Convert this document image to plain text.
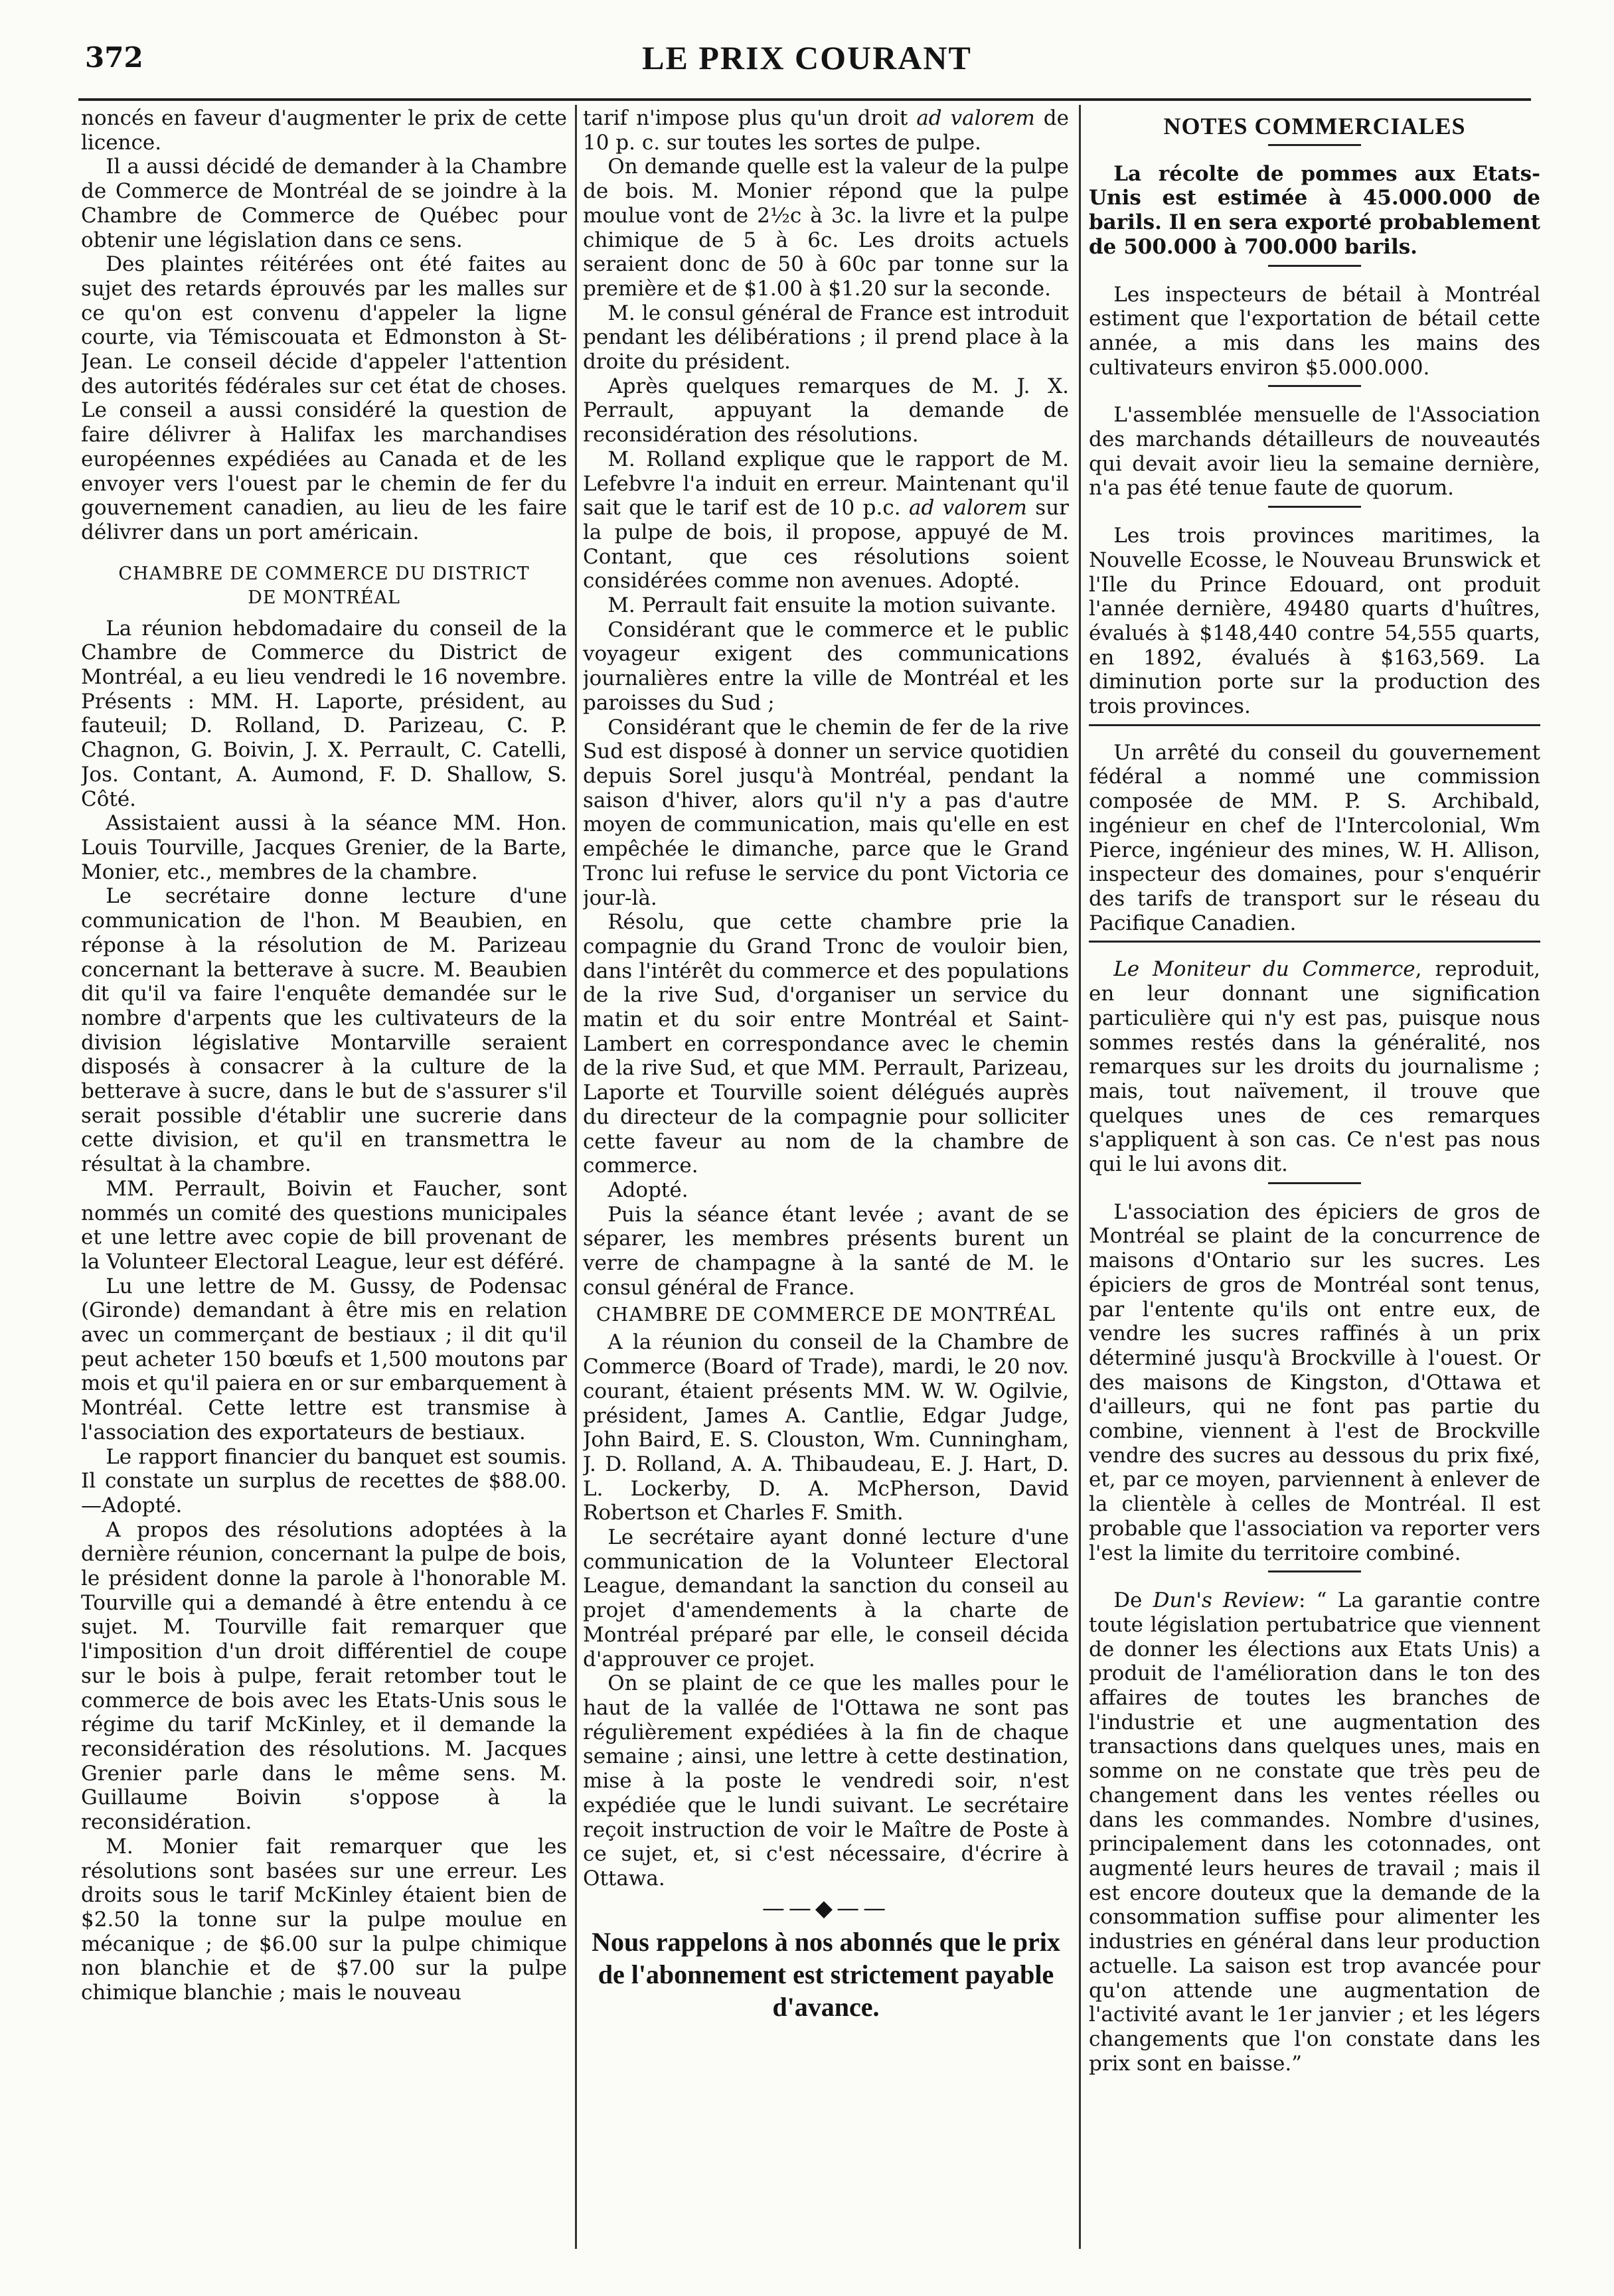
372	LE PRIX COURANT

noncés en faveur d'augmenter le prix de cette licence.

Il a aussi décidé de demander à la Chambre de Commerce de Montréal de se joindre à la Chambre de Commerce de Québec pour obtenir une législation dans ce sens.

Des plaintes réitérées ont été faites au sujet des retards éprouvés par les malles sur ce qu'on est convenu d'appeler la ligne courte, via Témiscouata et Edmonston à St-Jean. Le conseil décide d'appeler l'attention des autorités fédérales sur cet état de choses. Le conseil a aussi considéré la question de faire délivrer à Halifax les marchandises européennes expédiées au Canada et de les envoyer vers l'ouest par le chemin de fer du gouvernement canadien, au lieu de les faire délivrer dans un port américain.

CHAMBRE DE COMMERCE DU DISTRICT
DE MONTRÉAL

La réunion hebdomadaire du conseil de la Chambre de Commerce du District de Montréal, a eu lieu vendredi le 16 novembre. Présents : MM. H. Laporte, président, au fauteuil; D. Rolland, D. Parizeau, C. P. Chagnon, G. Boivin, J. X. Perrault, C. Catelli, Jos. Contant, A. Aumond, F. D. Shallow, S. Côté.

Assistaient aussi à la séance MM. Hon. Louis Tourville, Jacques Grenier, de la Barte, Monier, etc., membres de la chambre.

Le secrétaire donne lecture d'une communication de l'hon. M Beaubien, en réponse à la résolution de M. Parizeau concernant la betterave à sucre. M. Beaubien dit qu'il va faire l'enquête demandée sur le nombre d'arpents que les cultivateurs de la division législative Montarville seraient disposés à consacrer à la culture de la betterave à sucre, dans le but de s'assurer s'il serait possible d'établir une sucrerie dans cette division, et qu'il en transmettra le résultat à la chambre.

MM. Perrault, Boivin et Faucher, sont nommés un comité des questions municipales et une lettre avec copie de bill provenant de la Volunteer Electoral League, leur est déféré.

Lu une lettre de M. Gussy, de Podensac (Gironde) demandant à être mis en relation avec un commerçant de bestiaux ; il dit qu'il peut acheter 150 bœufs et 1,500 moutons par mois et qu'il paiera en or sur embarquement à Montréal. Cette lettre est transmise à l'association des exportateurs de bestiaux.

Le rapport financier du banquet est soumis. Il constate un surplus de recettes de $88.00.—Adopté.

A propos des résolutions adoptées à la dernière réunion, concernant la pulpe de bois, le président donne la parole à l'honorable M. Tourville qui a demandé à être entendu à ce sujet. M. Tourville fait remarquer que l'imposition d'un droit différentiel de coupe sur le bois à pulpe, ferait retomber tout le commerce de bois avec les Etats-Unis sous le régime du tarif McKinley, et il demande la reconsidération des résolutions. M. Jacques Grenier parle dans le même sens. M. Guillaume Boivin s'oppose à la reconsidération.

M. Monier fait remarquer que les résolutions sont basées sur une erreur. Les droits sous le tarif McKinley étaient bien de $2.50 la tonne sur la pulpe moulue en mécanique ; de $6.00 sur la pulpe chimique non blanchie et de $7.00 sur la pulpe chimique blanchie ; mais le nouveau

tarif n'impose plus qu'un droit ad valorem de 10 p. c. sur toutes les sortes de pulpe.

On demande quelle est la valeur de la pulpe de bois. M. Monier répond que la pulpe moulue vont de 2½c à 3c. la livre et la pulpe chimique de 5 à 6c. Les droits actuels seraient donc de 50 à 60c par tonne sur la première et de $1.00 à $1.20 sur la seconde.

M. le consul général de France est introduit pendant les délibérations ; il prend place à la droite du président.

Après quelques remarques de M. J. X. Perrault, appuyant la demande de reconsidération des résolutions.

M. Rolland explique que le rapport de M. Lefebvre l'a induit en erreur. Maintenant qu'il sait que le tarif est de 10 p.c. ad valorem sur la pulpe de bois, il propose, appuyé de M. Contant, que ces résolutions soient considérées comme non avenues. Adopté.

M. Perrault fait ensuite la motion suivante.

Considérant que le commerce et le public voyageur exigent des communications journalières entre la ville de Montréal et les paroisses du Sud ;

Considérant que le chemin de fer de la rive Sud est disposé à donner un service quotidien depuis Sorel jusqu'à Montréal, pendant la saison d'hiver, alors qu'il n'y a pas d'autre moyen de communication, mais qu'elle en est empêchée le dimanche, parce que le Grand Tronc lui refuse le service du pont Victoria ce jour-là.

Résolu, que cette chambre prie la compagnie du Grand Tronc de vouloir bien, dans l'intérêt du commerce et des populations de la rive Sud, d'organiser un service du matin et du soir entre Montréal et Saint-Lambert en correspondance avec le chemin de la rive Sud, et que MM. Perrault, Parizeau, Laporte et Tourville soient délégués auprès du directeur de la compagnie pour solliciter cette faveur au nom de la chambre de commerce.

Adopté.

Puis la séance étant levée ; avant de se séparer, les membres présents burent un verre de champagne à la santé de M. le consul général de France.

CHAMBRE DE COMMERCE DE MONTRÉAL

A la réunion du conseil de la Chambre de Commerce (Board of Trade), mardi, le 20 nov. courant, étaient présents MM. W. W. Ogilvie, président, James A. Cantlie, Edgar Judge, John Baird, E. S. Clouston, Wm. Cunningham, J. D. Rolland, A. A. Thibaudeau, E. J. Hart, D. L. Lockerby, D. A. McPherson, David Robertson et Charles F. Smith.

Le secrétaire ayant donné lecture d'une communication de la Volunteer Electoral League, demandant la sanction du conseil au projet d'amendements à la charte de Montréal préparé par elle, le conseil décida d'approuver ce projet.

On se plaint de ce que les malles pour le haut de la vallée de l'Ottawa ne sont pas régulièrement expédiées à la fin de chaque semaine ; ainsi, une lettre à cette destination, mise à la poste le vendredi soir, n'est expédiée que le lundi suivant. Le secrétaire reçoit instruction de voir le Maître de Poste à ce sujet, et, si c'est nécessaire, d'écrire à Ottawa.

——◆——
Nous rappelons à nos abonnés que le prix de l'abonnement est strictement payable d'avance.
NOTES COMMERCIALES

La récolte de pommes aux Etats-Unis est estimée à 45.000.000 de barils. Il en sera exporté probablement de 500.000 à 700.000 barils.

Les inspecteurs de bétail à Montréal estiment que l'exportation de bétail cette année, a mis dans les mains des cultivateurs environ $5.000.000.

L'assemblée mensuelle de l'Association des marchands détailleurs de nouveautés qui devait avoir lieu la semaine dernière, n'a pas été tenue faute de quorum.

Les trois provinces maritimes, la Nouvelle Ecosse, le Nouveau Brunswick et l'Ile du Prince Edouard, ont produit l'année dernière, 49480 quarts d'huîtres, évalués à $148,440 contre 54,555 quarts, en 1892, évalués à $163,569. La diminution porte sur la production des trois provinces.

Un arrêté du conseil du gouvernement fédéral a nommé une commission composée de MM. P. S. Archibald, ingénieur en chef de l'Intercolonial, Wm Pierce, ingénieur des mines, W. H. Allison, inspecteur des domaines, pour s'enquérir des tarifs de transport sur le réseau du Pacifique Canadien.

Le Moniteur du Commerce, reproduit, en leur donnant une signification particulière qui n'y est pas, puisque nous sommes restés dans la généralité, nos remarques sur les droits du journalisme ; mais, tout naïvement, il trouve que quelques unes de ces remarques s'appliquent à son cas. Ce n'est pas nous qui le lui avons dit.

L'association des épiciers de gros de Montréal se plaint de la concurrence de maisons d'Ontario sur les sucres. Les épiciers de gros de Montréal sont tenus, par l'entente qu'ils ont entre eux, de vendre les sucres raffinés à un prix déterminé jusqu'à Brockville à l'ouest. Or des maisons de Kingston, d'Ottawa et d'ailleurs, qui ne font pas partie du combine, viennent à l'est de Brockville vendre des sucres au dessous du prix fixé, et, par ce moyen, parviennent à enlever de la clientèle à celles de Montréal. Il est probable que l'association va reporter vers l'est la limite du territoire combiné.

De Dun's Review: “ La garantie contre toute législation pertubatrice que viennent de donner les élections aux Etats Unis) a produit de l'amélioration dans le ton des affaires de toutes les branches de l'industrie et une augmentation des transactions dans quelques unes, mais en somme on ne constate que très peu de changement dans les ventes réelles ou dans les commandes. Nombre d'usines, principalement dans les cotonnades, ont augmenté leurs heures de travail ; mais il est encore douteux que la demande de la consommation suffise pour alimenter les industries en général dans leur production actuelle. La saison est trop avancée pour qu'on attende une augmentation de l'activité avant le 1er janvier ; et les légers changements que l'on constate dans les prix sont en baisse.”
